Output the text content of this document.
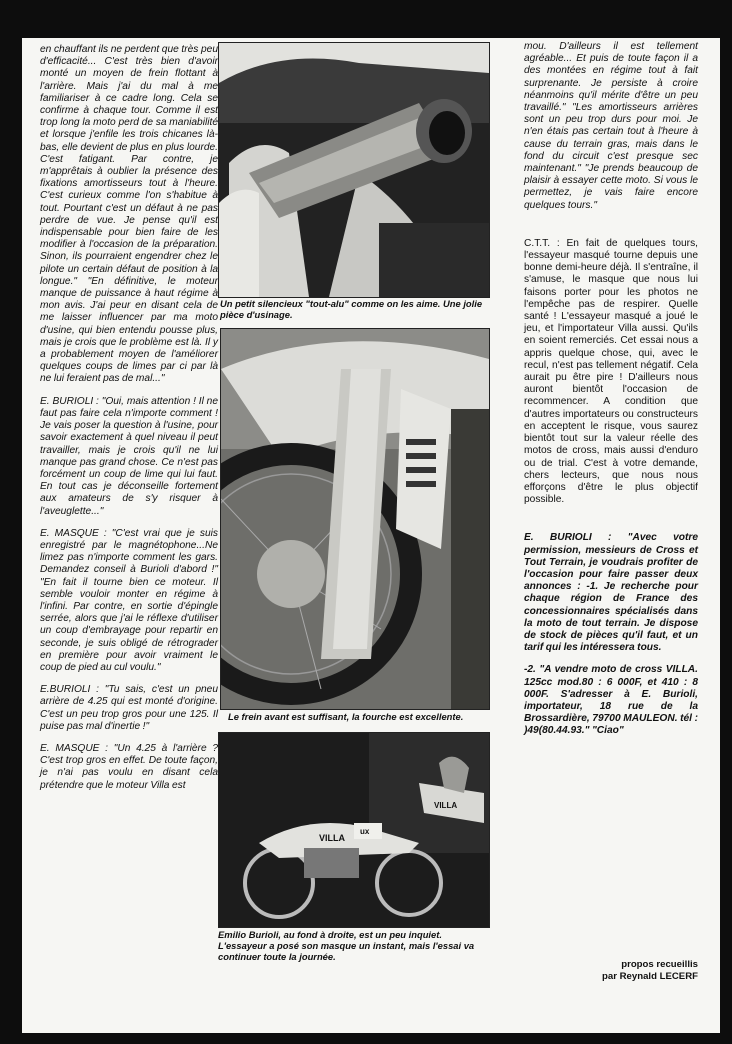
en chauffant ils ne perdent que très peu d'efficacité... C'est très bien d'avoir monté un moyen de frein flottant à l'arrière. Mais j'ai du mal à me familiariser à ce cadre long. Cela se confirme à chaque tour. Comme il est trop long la moto perd de sa maniabilité et lorsque j'enfile les trois chicanes là-bas, elle devient de plus en plus lourde. C'est fatigant. Par contre, je m'apprêtais à oublier la présence des fixations amortisseurs tout à l'heure. C'est curieux comme l'on s'habitue à tout. Pourtant c'est un défaut à ne pas perdre de vue. Je pense qu'il est indispensable pour bien faire de les modifier à l'occasion de la préparation. Sinon, ils pourraient engendrer chez le pilote un certain défaut de position à la longue." "En définitive, le moteur manque de puissance à haut régime à mon avis. J'ai peur en disant cela de me laisser influencer par ma moto d'usine, qui bien entendu pousse plus, mais je crois que le problème est là. Il y a probablement moyen de l'améliorer quelques coups de limes par ci par là ne lui feraient pas de mal..."

E. BURIOLI : "Oui, mais attention ! Il ne faut pas faire cela n'importe comment ! Je vais poser la question à l'usine, pour savoir exactement à quel niveau il peut travailler, mais je crois qu'il ne lui manque pas grand chose. Ce n'est pas forcément un coup de lime qui lui faut. En tout cas je déconseille fortement aux amateurs de s'y risquer à l'aveuglette..."

E. MASQUE : "C'est vrai que je suis enregistré par le magnétophone...Ne limez pas n'importe comment les gars. Demandez conseil à Burioli d'abord !" "En fait il tourne bien ce moteur. Il semble vouloir monter en régime à l'infini. Par contre, en sortie d'épingle serrée, alors que j'ai le réflexe d'utiliser un coup d'embrayage pour repartir en seconde, je suis obligé de rétrograder en première pour avoir vraiment le coup de pied au cul voulu."

E.BURIOLI : "Tu sais, c'est un pneu arrière de 4.25 qui est monté d'origine. C'est un peu trop gros pour une 125. Il puise pas mal d'inertie !"

E. MASQUE : "Un 4.25 à l'arrière ? C'est trop gros en effet. De toute façon, je n'ai pas voulu en disant cela prétendre que le moteur Villa est

Un petit silencieux "tout-alu" comme on les aime. Une jolie pièce d'usinage.
Le frein avant est suffisant, la fourche est excellente.
VILLA
ux
VILLA
Emilio Burioli, au fond à droite, est un peu inquiet. L'essayeur a posé son masque un instant, mais l'essai va continuer toute la journée.

mou. D'ailleurs il est tellement agréable... Et puis de toute façon il a des montées en régime tout à fait surprenante. Je persiste à croire néanmoins qu'il mérite d'être un peu travaillé." "Les amortisseurs arrières sont un peu trop durs pour moi. Je n'en étais pas certain tout à l'heure à cause du terrain gras, mais dans le fond du circuit c'est presque sec maintenant." "Je prends beaucoup de plaisir à essayer cette moto. Si vous le permettez, je vais faire encore quelques tours."

C.T.T. : En fait de quelques tours, l'essayeur masqué tourne depuis une bonne demi-heure déjà. Il s'entraîne, il s'amuse, le masque que nous lui faisons porter pour les photos ne l'empêche pas de respirer. Quelle santé ! L'essayeur masqué a joué le jeu, et l'importateur Villa aussi. Qu'ils en soient remerciés. Cet essai nous a appris quelque chose, qui, avec le recul, n'est pas tellement négatif. Cela aurait pu être pire ! D'ailleurs nous auront bientôt l'occasion de recommencer. A condition que d'autres importateurs ou constructeurs en acceptent le risque, vous saurez bientôt tout sur la valeur réelle des motos de cross, mais aussi d'enduro ou de trial. C'est à votre demande, chers lecteurs, que nous nous efforçons d'être le plus objectif possible.

E. BURIOLI : "Avec votre permission, messieurs de Cross et Tout Terrain, je voudrais profiter de l'occasion pour faire passer deux annonces : -1. Je recherche pour chaque région de France des concessionnaires spécialisés dans la moto de tout terrain. Je dispose de stock de pièces qu'il faut, et un tarif qui les intéressera tous.

-2. "A vendre moto de cross VILLA. 125cc mod.80 : 6 000F, et 410 : 8 000F. S'adresser à E. Burioli, importateur, 18 rue de la Brossardière, 79700 MAULEON. tél : )49(80.44.93." "Ciao"

propos recueillis
par Reynald LECERF
